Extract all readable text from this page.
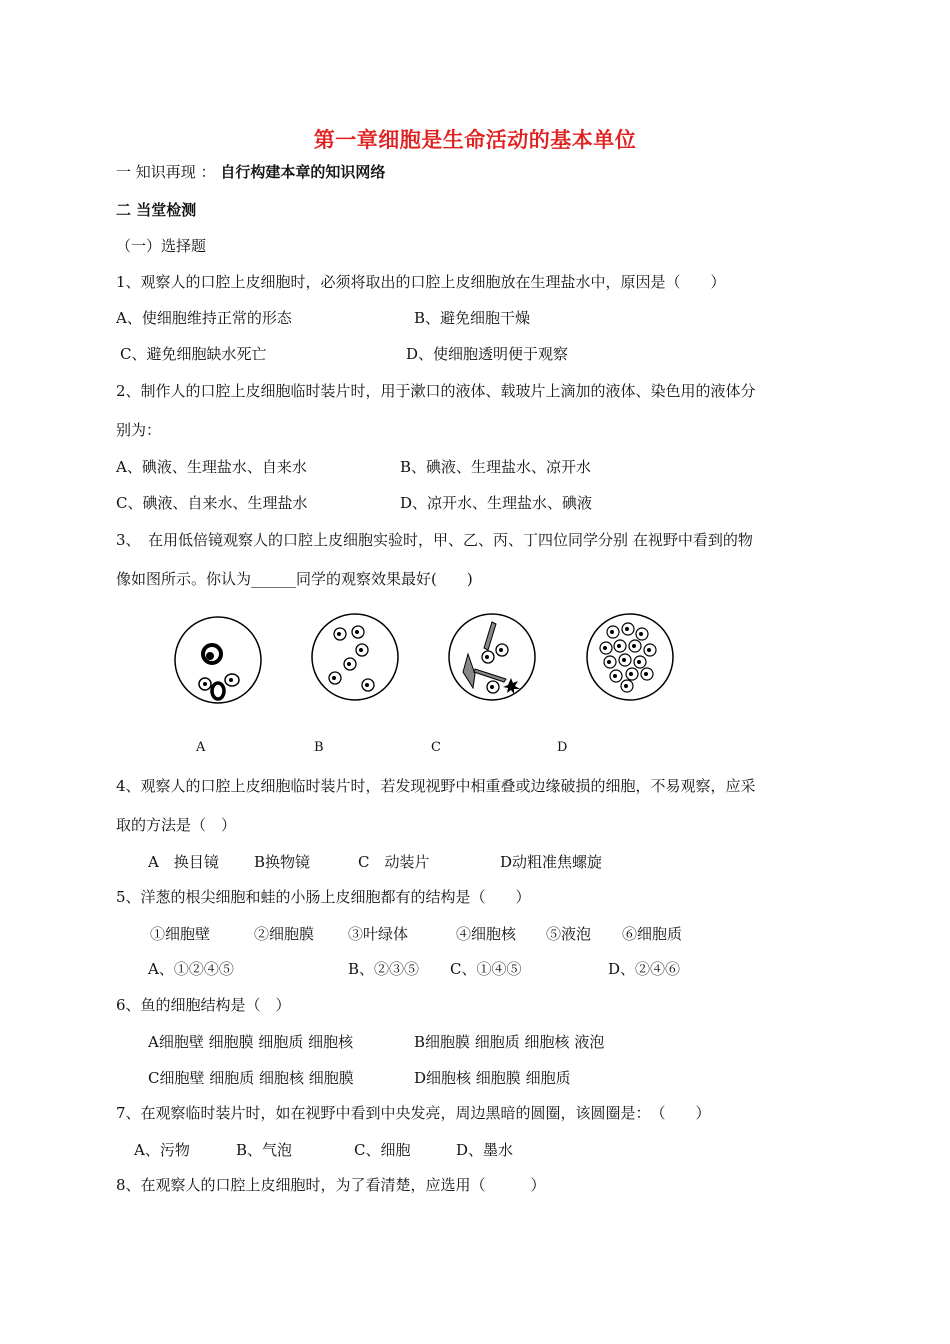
第一章细胞是生命活动的基本单位
一 知识再现 ： 自行构建本章的知识网络
二 当堂检测
（一）选择题
1、观察人的口腔上皮细胞时，必须将取出的口腔上皮细胞放在生理盐水中，原因是（　　）
A、使细胞维持正常的形态	B、避免细胞干燥
C、避免细胞缺水死亡	D、使细胞透明便于观察
2、制作人的口腔上皮细胞临时装片时，用于漱口的液体、载玻片上滴加的液体、染色用的液体分
别为：
A、碘液、生理盐水、自来水	B、碘液、生理盐水、凉开水
C、碘液、自来水、生理盐水	D、凉开水、生理盐水、碘液
3、　在用低倍镜观察人的口腔上皮细胞实验时，甲、乙、丙、丁四位同学分别 在视野中看到的物
像如图所示。你认为______同学的观察效果最好(　　)
A	B	C	D
4、观察人的口腔上皮细胞临时装片时，若发现视野中相重叠或边缘破损的细胞，不易观察，应采
取的方法是（　）
A　换目镜 B换物镜	C　动装片	D动粗准焦螺旋
5、洋葱的根尖细胞和蛙的小肠上皮细胞都有的结构是（　　）
①细胞壁	②细胞膜 ③叶绿体	④细胞核 ⑤液泡 ⑥细胞质
A、①②④⑤	B、②③⑤ C、①④⑤	D、②④⑥
6、鱼的细胞结构是（　）
A细胞壁 细胞膜 细胞质 细胞核	B细胞膜 细胞质 细胞核 液泡
C细胞壁 细胞质 细胞核 细胞膜	D细胞核 细胞膜 细胞质
7、在观察临时装片时，如在视野中看到中央发亮，周边黑暗的圆圈，该圆圈是：　（　　）
A、污物	B、气泡	C、细胞	D、墨水
8、在观察人的口腔上皮细胞时，为了看清楚，应选用（　　　）
